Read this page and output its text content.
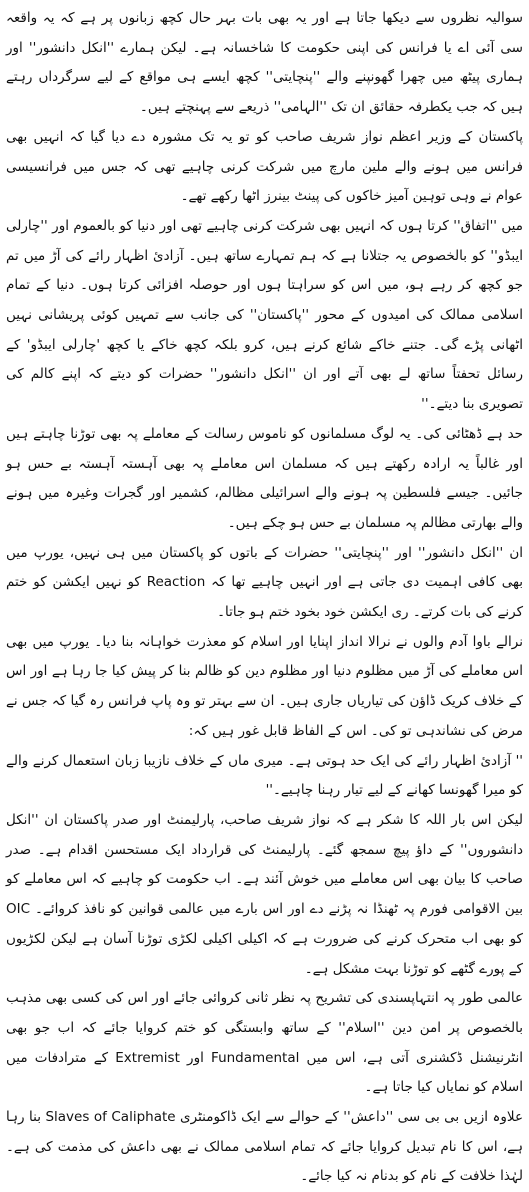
سوالیہ نظروں سے دیکھا جاتا ہے اور یہ بھی بات بہر حال کچھ زبانوں پر ہے کہ یہ واقعہ سی آئی اے یا فرانس کی اپنی حکومت کا شاخسانہ ہے۔ لیکن ہمارے ''انکل دانشور'' اور ہماری پیٹھ میں چھرا گھونپنے والے ''پنچایتی'' کچھ ایسے ہی مواقع کے لیے سرگرداں رہتے ہیں کہ جب یکطرفہ حقائق ان تک ''الہامی'' ذریعے سے پہنچتے ہیں۔

پاکستان کے وزیر اعظم نواز شریف صاحب کو تو یہ تک مشورہ دے دیا گیا کہ انہیں بھی فرانس میں ہونے والے ملین مارچ میں شرکت کرنی چاہیے تھی کہ جس میں فرانسیسی عوام نے وہی توہین آمیز خاکوں کی پینٹ بینرز اٹھا رکھے تھے۔

میں ''اتفاق'' کرتا ہوں کہ انہیں بھی شرکت کرنی چاہیے تھی اور دنیا کو بالعموم اور ''چارلی ایبڈو'' کو بالخصوص یہ جتلانا ہے کہ ہم تمہارے ساتھ ہیں۔ آزادیٔ اظہار رائے کی آڑ میں تم جو کچھ کر رہے ہو، میں اس کو سراہتا ہوں اور حوصلہ افزائی کرتا ہوں۔ دنیا کے تمام اسلامی ممالک کی امیدوں کے محور ''پاکستان'' کی جانب سے تمہیں کوئی پریشانی نہیں اٹھانی پڑے گی۔ جتنے خاکے شائع کرنے ہیں، کرو بلکہ کچھ خاکے یا کچھ 'چارلی ایبڈو' کے رسائل تحفتاً ساتھ لے بھی آتے اور ان ''انکل دانشور'' حضرات کو دیتے کہ اپنے کالم کی تصویری بنا دیتے۔''

حد ہے ڈھٹائی کی۔ یہ لوگ مسلمانوں کو ناموس رسالت کے معاملے پہ بھی توڑنا چاہتے ہیں اور غالباً یہ ارادہ رکھتے ہیں کہ مسلمان اس معاملے پہ بھی آہستہ آہستہ بے حس ہو جائیں۔ جیسے فلسطین پہ ہونے والے اسرائیلی مظالم، کشمیر اور گجرات وغیرہ میں ہونے والے بھارتی مظالم پہ مسلمان بے حس ہو چکے ہیں۔

ان ''انکل دانشور'' اور ''پنچایتی'' حضرات کے باتوں کو پاکستان میں ہی نہیں، یورپ میں بھی کافی اہمیت دی جاتی ہے اور انہیں چاہیے تھا کہ Reaction کو نہیں ایکشن کو ختم کرنے کی بات کرتے۔ ری ایکشن خود بخود ختم ہو جاتا۔

نرالے باوا آدم والوں نے نرالا انداز اپنایا اور اسلام کو معذرت خواہانہ بنا دیا۔ یورپ میں بھی اس معاملے کی آڑ میں مظلوم دنیا اور مظلوم دین کو ظالم بنا کر پیش کیا جا رہا ہے اور اس کے خلاف کریک ڈاؤن کی تیاریاں جاری ہیں۔ ان سے بہتر تو وہ پاپ فرانس رہ گیا کہ جس نے مرض کی نشاندہی تو کی۔ اس کے الفاظ قابل غور ہیں کہ:

'' آزادیٔ اظہار رائے کی ایک حد ہوتی ہے۔ میری ماں کے خلاف نازیبا زبان استعمال کرنے والے کو میرا گھونسا کھانے کے لیے تیار رہنا چاہیے۔''

لیکن اس بار اللہ کا شکر ہے کہ نواز شریف صاحب، پارلیمنٹ اور صدر پاکستان ان ''انکل دانشوروں'' کے داؤ پیچ سمجھ گئے۔ پارلیمنٹ کی قرارداد ایک مستحسن اقدام ہے۔ صدر صاحب کا بیان بھی اس معاملے میں خوش آئند ہے۔ اب حکومت کو چاہیے کہ اس معاملے کو بین الاقوامی فورم پہ ٹھنڈا نہ پڑنے دے اور اس بارے میں عالمی قوانین کو نافذ کروائے۔ OIC کو بھی اب متحرک کرنے کی ضرورت ہے کہ اکیلی اکیلی لکڑی توڑنا آسان ہے لیکن لکڑیوں کے پورے گٹھے کو توڑنا بہت مشکل ہے۔

عالمی طور پہ انتہاپسندی کی تشریح پہ نظر ثانی کروائی جائے اور اس کی کسی بھی مذہب بالخصوص پر امن دین ''اسلام'' کے ساتھ وابستگی کو ختم کروایا جائے کہ اب جو بھی انٹرنیشنل ڈکشنری آتی ہے، اس میں Fundamental اور Extremist کے مترادفات میں اسلام کو نمایاں کیا جاتا ہے۔

علاوہ ازیں بی بی سی ''داعش'' کے حوالے سے ایک ڈاکومنٹری Slaves of Caliphate بنا رہا ہے، اس کا نام تبدیل کروایا جائے کہ تمام اسلامی ممالک نے بھی داعش کی مذمت کی ہے۔ لہٰذا خلافت کے نام کو بدنام نہ کیا جائے۔
